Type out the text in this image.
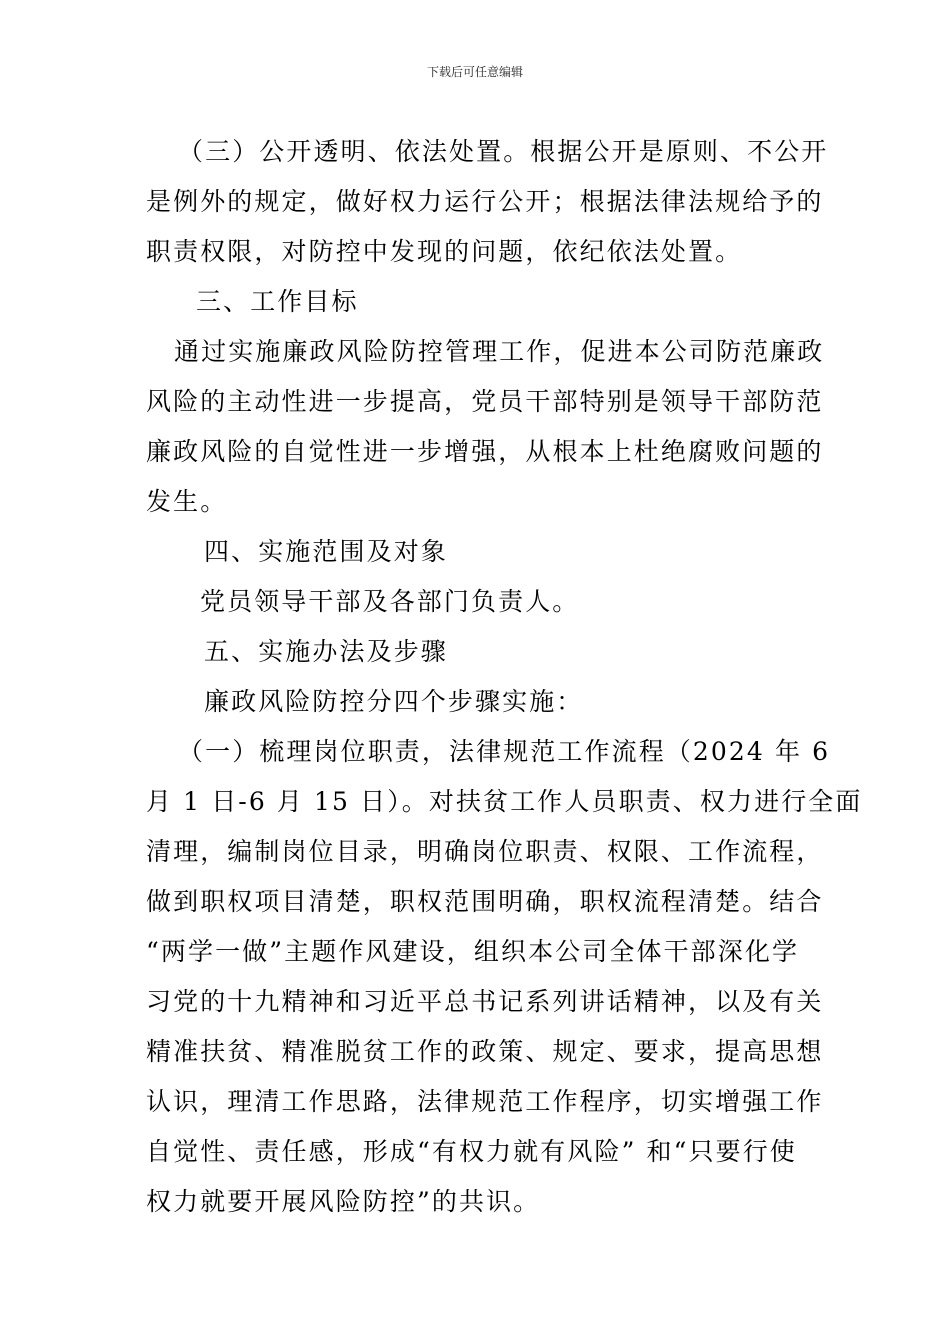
下载后可任意编辑
（三）公开透明、依法处置。根据公开是原则、不公开
是例外的规定，做好权力运行公开；根据法律法规给予的
职责权限，对防控中发现的问题，依纪依法处置。
三、工作目标
通过实施廉政风险防控管理工作，促进本公司防范廉政
风险的主动性进一步提高，党员干部特别是领导干部防范
廉政风险的自觉性进一步增强，从根本上杜绝腐败问题的
发生。
四、实施范围及对象
党员领导干部及各部门负责人。
五、实施办法及步骤
廉政风险防控分四个步骤实施：
（一）梳理岗位职责，法律规范工作流程（2024 年 6
月 1 日-6 月 15 日）。对扶贫工作人员职责、权力进行全面
清理，编制岗位目录，明确岗位职责、权限、工作流程，
做到职权项目清楚，职权范围明确，职权流程清楚。结合
“两学一做”主题作风建设，组织本公司全体干部深化学
习党的十九精神和习近平总书记系列讲话精神，以及有关
精准扶贫、精准脱贫工作的政策、规定、要求，提高思想
认识，理清工作思路，法律规范工作程序，切实增强工作
自觉性、责任感，形成“有权力就有风险” 和“只要行使
权力就要开展风险防控”的共识。
